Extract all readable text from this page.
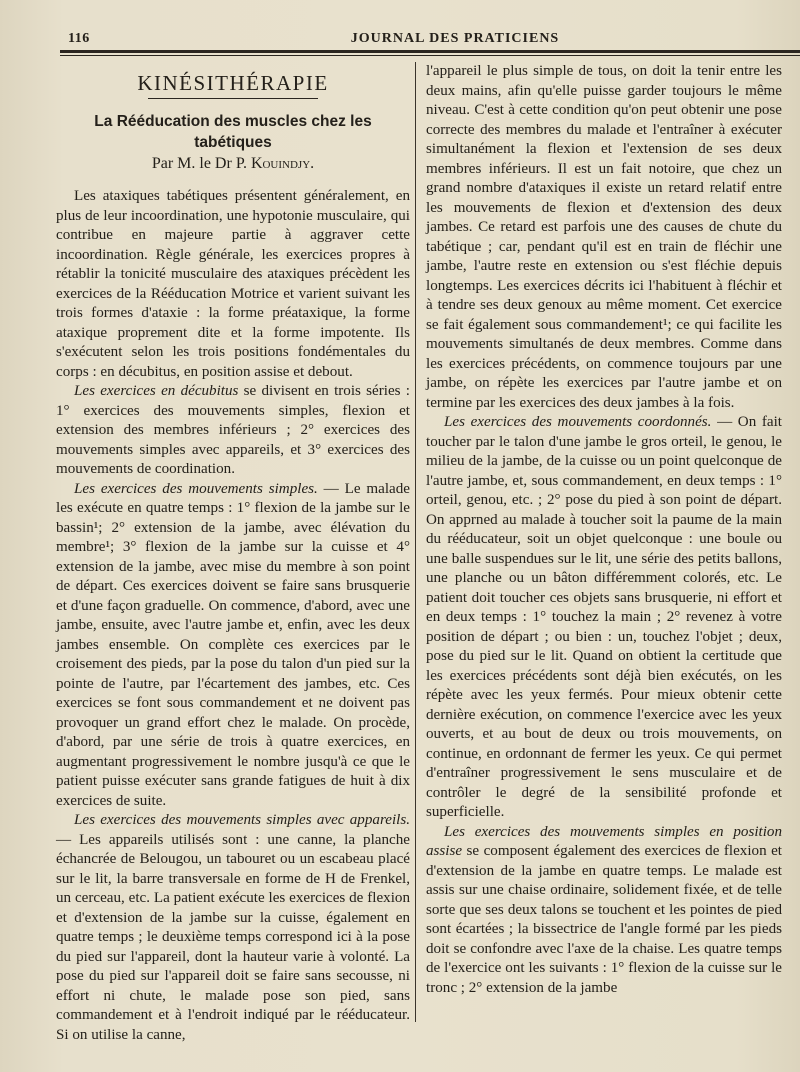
116	JOURNAL DES PRATICIENS
KINÉSITHÉRAPIE
La Rééducation des muscles chez les tabétiques
Par M. le Dr P. Kouindjy.

Les ataxiques tabétiques présentent généralement, en plus de leur incoordination, une hypotonie musculaire, qui contribue en majeure partie à aggraver cette incoordination. Règle générale, les exercices propres à rétablir la tonicité musculaire des ataxiques précèdent les exercices de la Rééducation Motrice et varient suivant les trois formes d'ataxie : la forme préataxique, la forme ataxique proprement dite et la forme impotente. Ils s'exécutent selon les trois positions fondémentales du corps : en décubitus, en position assise et debout.

Les exercices en décubitus se divisent en trois séries : 1° exercices des mouvements simples, flexion et extension des membres inférieurs ; 2° exercices des mouvements simples avec appareils, et 3° exercices des mouvements de coordination.

Les exercices des mouvements simples. — Le malade les exécute en quatre temps : 1° flexion de la jambe sur le bassin¹; 2° extension de la jambe, avec élévation du membre¹; 3° flexion de la jambe sur la cuisse et 4° extension de la jambe, avec mise du membre à son point de départ. Ces exercices doivent se faire sans brusquerie et d'une façon graduelle. On commence, d'abord, avec une jambe, ensuite, avec l'autre jambe et, enfin, avec les deux jambes ensemble. On complète ces exercices par le croisement des pieds, par la pose du talon d'un pied sur la pointe de l'autre, par l'écartement des jambes, etc. Ces exercices se font sous commandement et ne doivent pas provoquer un grand effort chez le malade. On procède, d'abord, par une série de trois à quatre exercices, en augmentant progressivement le nombre jusqu'à ce que le patient puisse exécuter sans grande fatigues de huit à dix exercices de suite.

Les exercices des mouvements simples avec appareils. — Les appareils utilisés sont : une canne, la planche échancrée de Belougou, un tabouret ou un escabeau placé sur le lit, la barre transversale en forme de H de Frenkel, un cerceau, etc. La patient exécute les exercices de flexion et d'extension de la jambe sur la cuisse, également en quatre temps ; le deuxième temps correspond ici à la pose du pied sur l'appareil, dont la hauteur varie à volonté. La pose du pied sur l'appareil doit se faire sans secousse, ni effort ni chute, le malade pose son pied, sans commandement et à l'endroit indiqué par le rééducateur. Si on utilise la canne,

l'appareil le plus simple de tous, on doit la tenir entre les deux mains, afin qu'elle puisse garder toujours le même niveau. C'est à cette condition qu'on peut obtenir une pose correcte des membres du malade et l'entraîner à exécuter simultanément la flexion et l'extension de ses deux membres inférieurs. Il est un fait notoire, que chez un grand nombre d'ataxiques il existe un retard relatif entre les mouvements de flexion et d'extension des deux jambes. Ce retard est parfois une des causes de chute du tabétique ; car, pendant qu'il est en train de fléchir une jambe, l'autre reste en extension ou s'est fléchie depuis longtemps. Les exercices décrits ici l'habituent à fléchir et à tendre ses deux genoux au même moment. Cet exercice se fait également sous commandement¹; ce qui facilite les mouvements simultanés de deux membres. Comme dans les exercices précédents, on commence toujours par une jambe, on répète les exercices par l'autre jambe et on termine par les exercices des deux jambes à la fois.

Les exercices des mouvements coordonnés. — On fait toucher par le talon d'une jambe le gros orteil, le genou, le milieu de la jambe, de la cuisse ou un point quelconque de l'autre jambe, et, sous commandement, en deux temps : 1° orteil, genou, etc. ; 2° pose du pied à son point de départ. On apprned au malade à toucher soit la paume de la main du rééducateur, soit un objet quelconque : une boule ou une balle suspendues sur le lit, une série des petits ballons, une planche ou un bâton différemment colorés, etc. Le patient doit toucher ces objets sans brusquerie, ni effort et en deux temps : 1° touchez la main ; 2° revenez à votre position de départ ; ou bien : un, touchez l'objet ; deux, pose du pied sur le lit. Quand on obtient la certitude que les exercices précédents sont déjà bien exécutés, on les répète avec les yeux fermés. Pour mieux obtenir cette dernière exécution, on commence l'exercice avec les yeux ouverts, et au bout de deux ou trois mouvements, on continue, en ordonnant de fermer les yeux. Ce qui permet d'entraîner progressivement le sens musculaire et de contrôler le degré de la sensibilité profonde et superficielle.

Les exercices des mouvements simples en position assise se composent également des exercices de flexion et d'extension de la jambe en quatre temps. Le malade est assis sur une chaise ordinaire, solidement fixée, et de telle sorte que ses deux talons se touchent et les pointes de pied sont écartées ; la bissectrice de l'angle formé par les pieds doit se confondre avec l'axe de la chaise. Les quatre temps de l'exercice ont les suivants : 1° flexion de la cuisse sur le tronc ; 2° extension de la jambe
